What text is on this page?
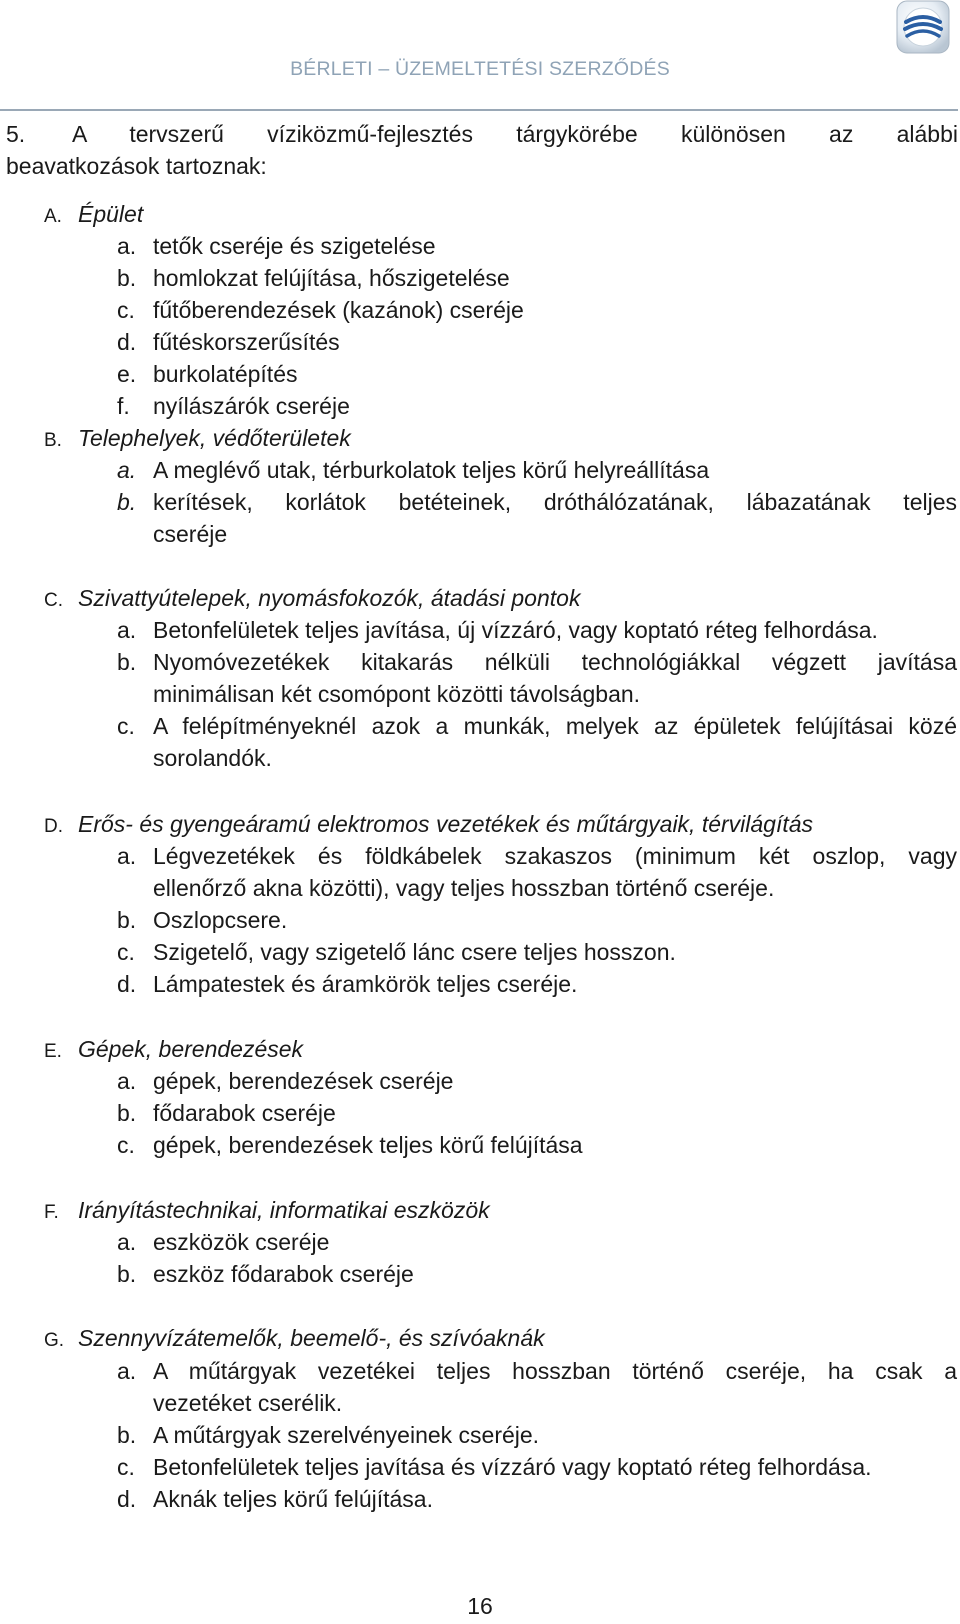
BÉRLETI – ÜZEMELTETÉSI SZERZŐDÉS
5. A tervszerű víziközmű-fejlesztés tárgykörébe különösen az alábbi
beavatkozások tartoznak:
A. Épület
a. tetők cseréje és szigetelése
b. homlokzat felújítása, hőszigetelése
c. fűtőberendezések (kazánok) cseréje
d. fűtéskorszerűsítés
e. burkolatépítés
f. nyílászárók cseréje
B. Telephelyek, védőterületek
a. A meglévő utak, térburkolatok teljes körű helyreállítása
b. kerítések, korlátok betéteinek, dróthálózatának, lábazatának teljes
cseréje
C. Szivattyútelepek, nyomásfokozók, átadási pontok
a. Betonfelületek teljes javítása, új vízzáró, vagy koptató réteg felhordása.
b. Nyomóvezetékek kitakarás nélküli technológiákkal végzett javítása
minimálisan két csomópont közötti távolságban.
c. A felépítményeknél azok a munkák, melyek az épületek felújításai közé
sorolandók.
D. Erős- és gyengeáramú elektromos vezetékek és műtárgyaik, térvilágítás
a. Légvezetékek és földkábelek szakaszos (minimum két oszlop, vagy
ellenőrző akna közötti), vagy teljes hosszban történő cseréje.
b. Oszlopcsere.
c. Szigetelő, vagy szigetelő lánc csere teljes hosszon.
d. Lámpatestek és áramkörök teljes cseréje.
E. Gépek, berendezések
a. gépek, berendezések cseréje
b. fődarabok cseréje
c. gépek, berendezések teljes körű felújítása
F. Irányítástechnikai, informatikai eszközök
a. eszközök cseréje
b. eszköz fődarabok cseréje
G. Szennyvízátemelők, beemelő-, és szívóaknák
a. A műtárgyak vezetékei teljes hosszban történő cseréje, ha csak a
vezetéket cserélik.
b. A műtárgyak szerelvényeinek cseréje.
c. Betonfelületek teljes javítása és vízzáró vagy koptató réteg felhordása.
d. Aknák teljes körű felújítása.
16
